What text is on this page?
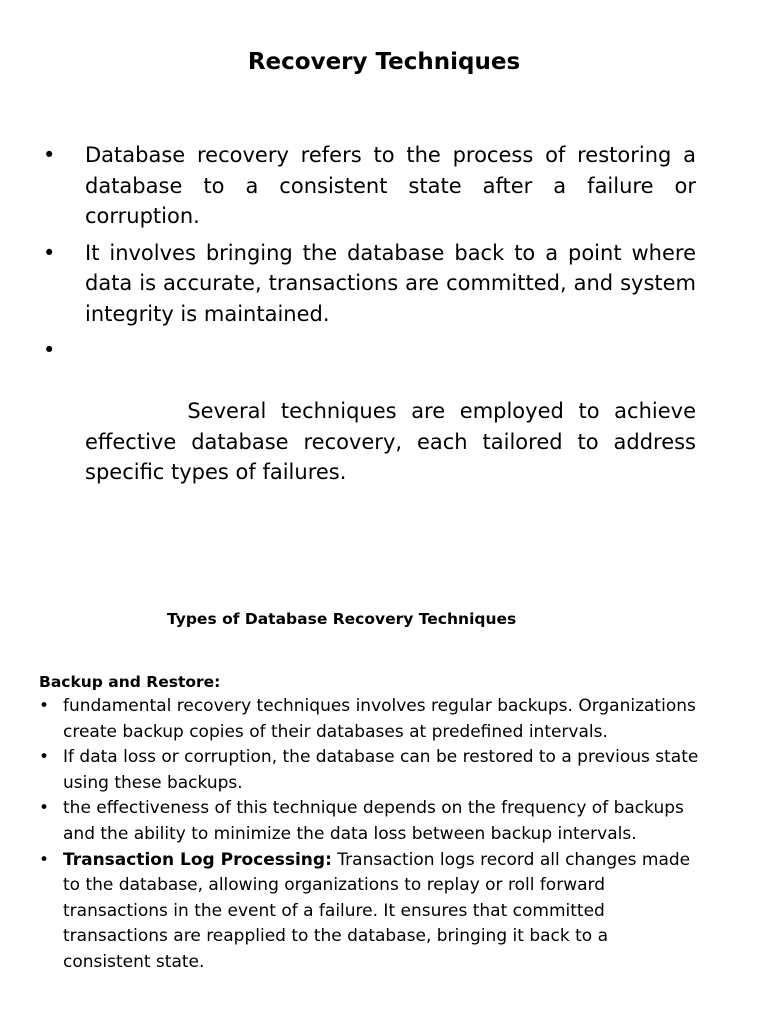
Recovery Techniques
•	Database recovery refers to the process of restoring a database to a consistent state after a failure or corruption.
•	It involves bringing the database back to a point where data is accurate, transactions are committed, and system integrity is maintained.

•

Several techniques are employed to achieve effective database recovery, each tailored to address specific types of failures.

Types of Database Recovery Techniques
Backup and Restore:
• fundamental recovery techniques involves regular backups. Organizations create backup copies of their databases at predefined intervals.
• If data loss or corruption, the database can be restored to a previous state using these backups.
• the effectiveness of this technique depends on the frequency of backups and the ability to minimize the data loss between backup intervals.
• Transaction Log Processing: Transaction logs record all changes made to the database, allowing organizations to replay or roll forward transactions in the event of a failure. It ensures that committed transactions are reapplied to the database, bringing it back to a consistent state.
